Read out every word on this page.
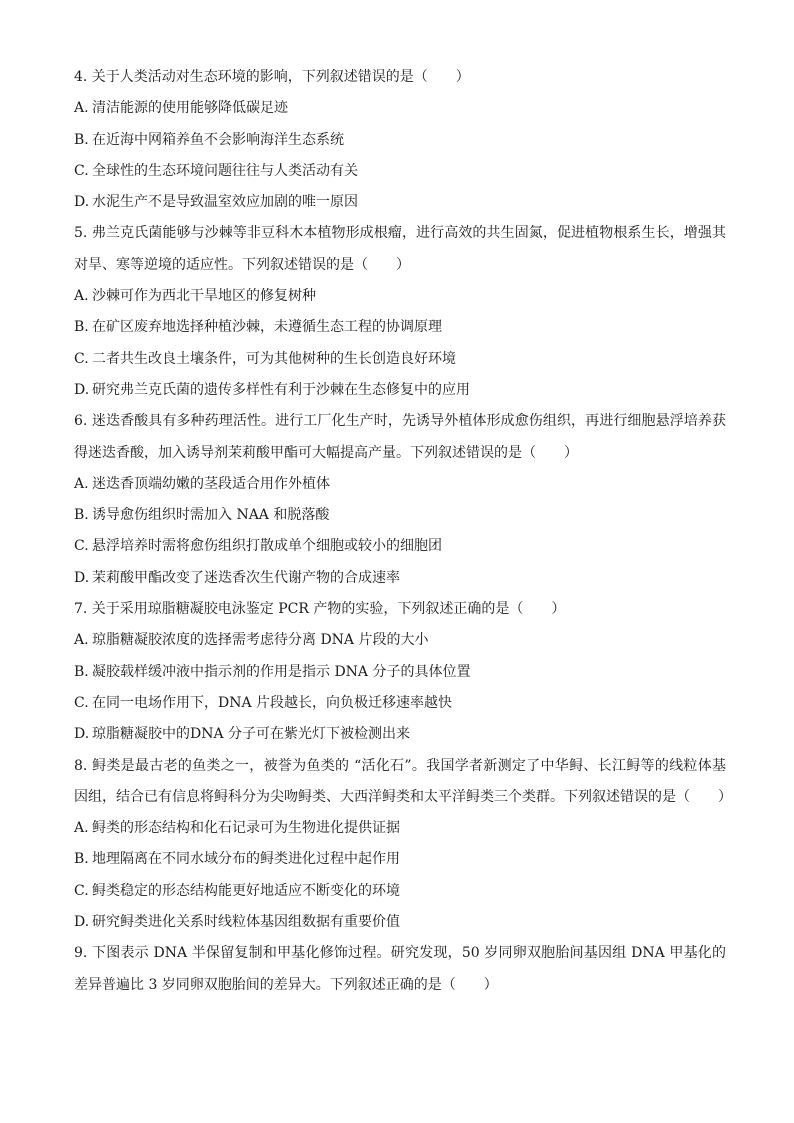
4. 关于人类活动对生态环境的影响，下列叙述错误的是（　　）

A. 清洁能源的使用能够降低碳足迹

B. 在近海中网箱养鱼不会影响海洋生态系统

C. 全球性的生态环境问题往往与人类活动有关

D. 水泥生产不是导致温室效应加剧的唯一原因

5. 弗兰克氏菌能够与沙棘等非豆科木本植物形成根瘤，进行高效的共生固氮，促进植物根系生长，增强其对旱、寒等逆境的适应性。下列叙述错误的是（　　）

A. 沙棘可作为西北干旱地区的修复树种

B. 在矿区废弃地选择种植沙棘，未遵循生态工程的协调原理

C. 二者共生改良土壤条件，可为其他树种的生长创造良好环境

D. 研究弗兰克氏菌的遗传多样性有利于沙棘在生态修复中的应用

6. 迷迭香酸具有多种药理活性。进行工厂化生产时，先诱导外植体形成愈伤组织，再进行细胞悬浮培养获得迷迭香酸，加入诱导剂茉莉酸甲酯可大幅提高产量。下列叙述错误的是（　　）

A. 迷迭香顶端幼嫩的茎段适合用作外植体

B. 诱导愈伤组织时需加入 NAA 和脱落酸

C. 悬浮培养时需将愈伤组织打散成单个细胞或较小的细胞团

D. 茉莉酸甲酯改变了迷迭香次生代谢产物的合成速率

7. 关于采用琼脂糖凝胶电泳鉴定 PCR 产物的实验，下列叙述正确的是（　　）

A. 琼脂糖凝胶浓度的选择需考虑待分离 DNA 片段的大小

B. 凝胶载样缓冲液中指示剂的作用是指示 DNA 分子的具体位置

C. 在同一电场作用下，DNA 片段越长，向负极迁移速率越快

D. 琼脂糖凝胶中的DNA 分子可在紫光灯下被检测出来

8. 鲟类是最古老的鱼类之一，被誉为鱼类的 “活化石”。我国学者新测定了中华鲟、长江鲟等的线粒体基因组，结合已有信息将鲟科分为尖吻鲟类、大西洋鲟类和太平洋鲟类三个类群。下列叙述错误的是（　　）

A. 鲟类的形态结构和化石记录可为生物进化提供证据

B. 地理隔离在不同水域分布的鲟类进化过程中起作用

C. 鲟类稳定的形态结构能更好地适应不断变化的环境

D. 研究鲟类进化关系时线粒体基因组数据有重要价值

9. 下图表示 DNA 半保留复制和甲基化修饰过程。研究发现，50 岁同卵双胞胎间基因组 DNA 甲基化的差异普遍比 3 岁同卵双胞胎间的差异大。下列叙述正确的是（　　）
